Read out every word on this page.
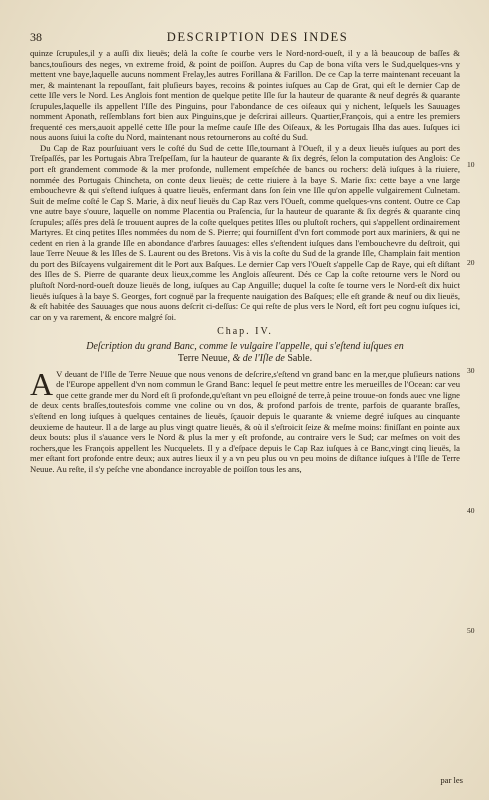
38	DESCRIPTION DES INDES

quinze ſcrupules,il y a auſſi dix lieuës; delà la coſte ſe courbe vers le Nord-nord-oueſt, il y a là beaucoup de baſſes & bancs,touſiours des neges, vn extreme froid, & point de poiſſon. Aupres du Cap de bona viſta vers le Sud,quelques-vns y mettent vne baye,laquelle aucuns nomment Frelay,les autres Forillana & Farillon. De ce Cap la terre maintenant receuant la mer, & maintenant la repouſſant, fait pluſieurs bayes, recoins & pointes iuſques au Cap de Grat, qui eſt le dernier Cap de cette Iſle vers le Nord. Les Anglois font mention de quelque petite Iſle ſur la hauteur de quarante & neuf degrés & quarante ſcrupules,laquelle ils appellent l'Iſle des Pinguins, pour l'abondance de ces oiſeaux qui y nichent, leſquels les Sauuages nomment Aponath, reſſemblans fort bien aux Pinguins,que je deſcrirai ailleurs. Quartier,François, qui a entre les premiers frequenté ces mers,auoit appellé cette Iſle pour la meſme cauſe Iſle des Oiſeaux, & les Portugais Ilha das aues. Iuſques ici nous auons ſuiui la coſte du Nord, maintenant nous retournerons au coſté du Sud.

Du Cap de Raz pourſuiuant vers le coſté du Sud de cette Iſle,tournant à l'Oueſt, il y a deux lieuës iuſques au port des Treſpaſſés, par les Portugais Abra Treſpeſſam, ſur la hauteur de quarante & ſix degrés, ſelon la computation des Anglois: Ce port eſt grandement commode & la mer profonde, nullement empeſchée de bancs ou rochers: delà iuſques à la riuiere, nommée des Portugais Chincheta, on conte deux lieuës; de cette riuiere à la baye S. Marie ſix: cette baye a vne large embouchevre & qui s'eſtend iuſques à quatre lieuës, enfermant dans ſon ſein vne Iſle qu'on appelle vulgairement Culnetam. Suit de meſme coſté le Cap S. Marie, à dix neuf lieuës du Cap Raz vers l'Oueſt, comme quelques-vns content. Outre ce Cap vne autre baye s'ouure, laquelle on nomme Placentia ou Praſencia, ſur la hauteur de quarante & ſix degrés & quarante cinq ſcrupules; aſſés pres delà ſe trouuent aupres de la coſte quelques petites Iſles ou pluſtoſt rochers, qui s'appellent ordinairement Martyres. Et cinq petites Iſles nommées du nom de S. Pierre; qui fourniſſent d'vn fort commode port aux mariniers, & qui ne cedent en rien à la grande Iſle en abondance d'arbres ſauuages: elles s'eſtendent iuſques dans l'embouchevre du deſtroit, qui laue Terre Neuue & les Iſles de S. Laurent ou des Bretons. Vis à vis la coſte du Sud de la grande Iſle, Champlain fait mention du port des Biſcayens vulgairement dit le Port aux Baſques. Le dernier Cap vers l'Oueſt s'appelle Cap de Raye, qui eſt diſtant des Iſles de S. Pierre de quarante deux lieux,comme les Anglois aſſeurent. Dés ce Cap la coſte retourne vers le Nord ou pluſtoſt Nord-nord-oueſt douze lieuës de long, iuſques au Cap Anguille; duquel la coſte ſe tourne vers le Nord-eſt dix huict lieuës iuſques à la baye S. Georges, fort cognuë par la frequente nauigation des Baſques; elle eſt grande & neuf ou dix lieuës, & eſt habitée des Sauuages que nous auons deſcrit ci-deſſus: Ce qui reſte de plus vers le Nord, eſt fort peu cognu iuſques ici, car on y va rarement, & encore malgré ſoi.

Chap. IV.
Deſcription du grand Banc, comme le vulgaire l'appelle, qui s'eſtend iuſques en
Terre Neuue, & de l'Iſle de Sable.

A V deuant de l'Iſle de Terre Neuue que nous venons de deſcrire,s'eſtend vn grand banc en la mer,que pluſieurs nations de l'Europe appellent d'vn nom commun le Grand Banc: lequel ſe peut mettre entre les merueilles de l'Ocean: car veu que cette grande mer du Nord eſt ſi profonde,qu'eſtant vn peu eſloigné de terre,à peine trouue-on fonds auec vne ligne de deux cents braſſes,toutesfois comme vne coline ou vn dos, & profond parfois de trente, parfois de quarante braſſes, s'eſtend en long iuſques à quelques centaines de lieuës, ſçauoir depuis le quarante & vnieme degré iuſques au cinquante deuxieme de hauteur. Il a de large au plus vingt quatre lieuës, & où il s'eſtroicit ſeize & meſme moins: finiſſant en pointe aux deux bouts: plus il s'auance vers le Nord & plus la mer y eſt profonde, au contraire vers le Sud; car meſmes on voit des rochers,que les François appellent les Nucquelets. Il y a d'eſpace depuis le Cap Raz iuſques à ce Banc,vingt cinq lieuës, la mer eſtant fort profonde entre deux; aux autres lieux il y a vn peu plus ou vn peu moins de diſtance iuſques à l'Iſle de Terre Neuue. Au reſte, il s'y peſche vne abondance incroyable de poiſſon tous les ans,

10
20
30
40
50
par les
